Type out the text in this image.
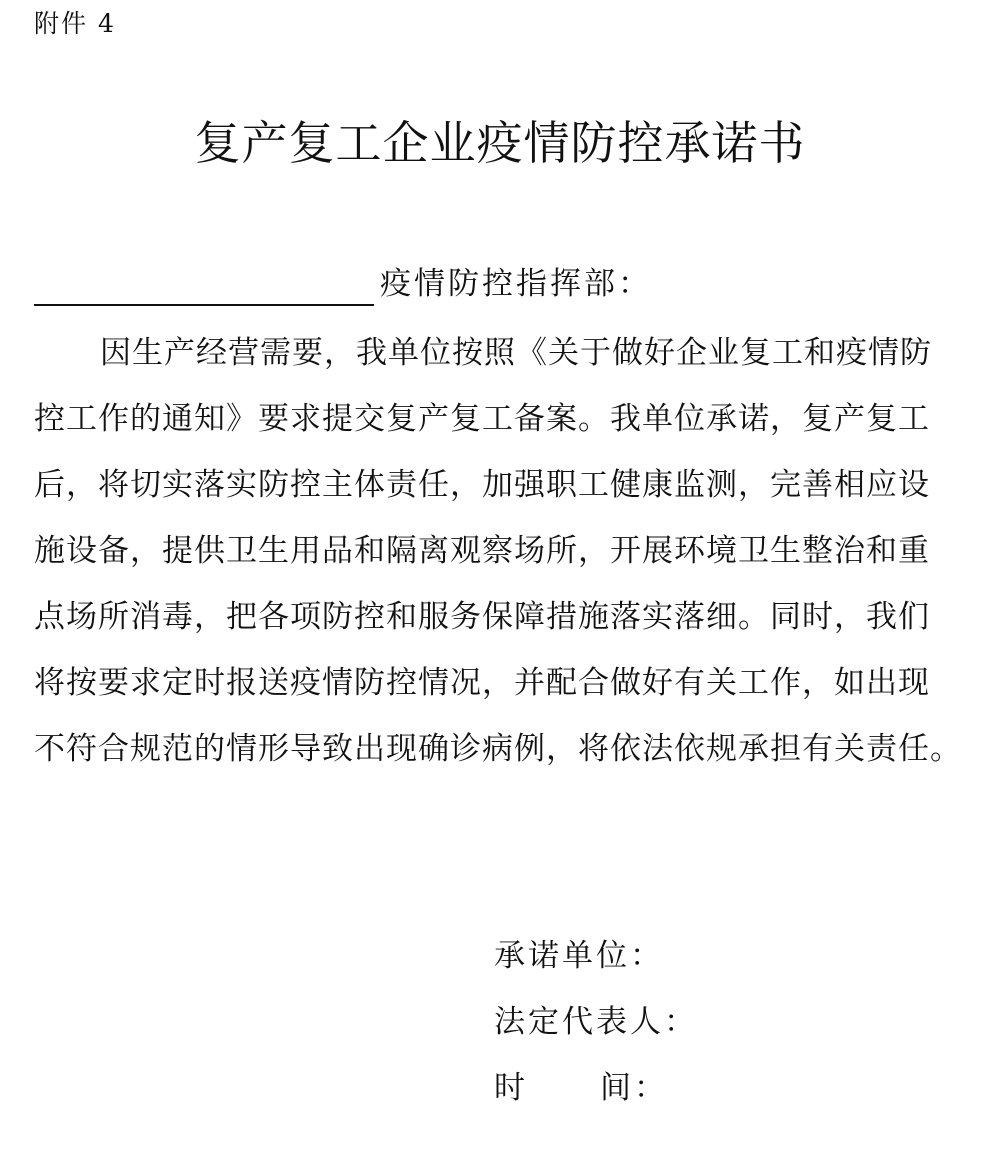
附件 4
复产复工企业疫情防控承诺书
疫情防控指挥部：
因生产经营需要，我单位按照《关于做好企业复工和疫情防
控工作的通知》要求提交复产复工备案。我单位承诺，复产复工
后，将切实落实防控主体责任，加强职工健康监测，完善相应设
施设备，提供卫生用品和隔离观察场所，开展环境卫生整治和重
点场所消毒，把各项防控和服务保障措施落实落细。同时，我们
将按要求定时报送疫情防控情况，并配合做好有关工作，如出现
不符合规范的情形导致出现确诊病例，将依法依规承担有关责任。
承诺单位：
法定代表人：
时 间：
